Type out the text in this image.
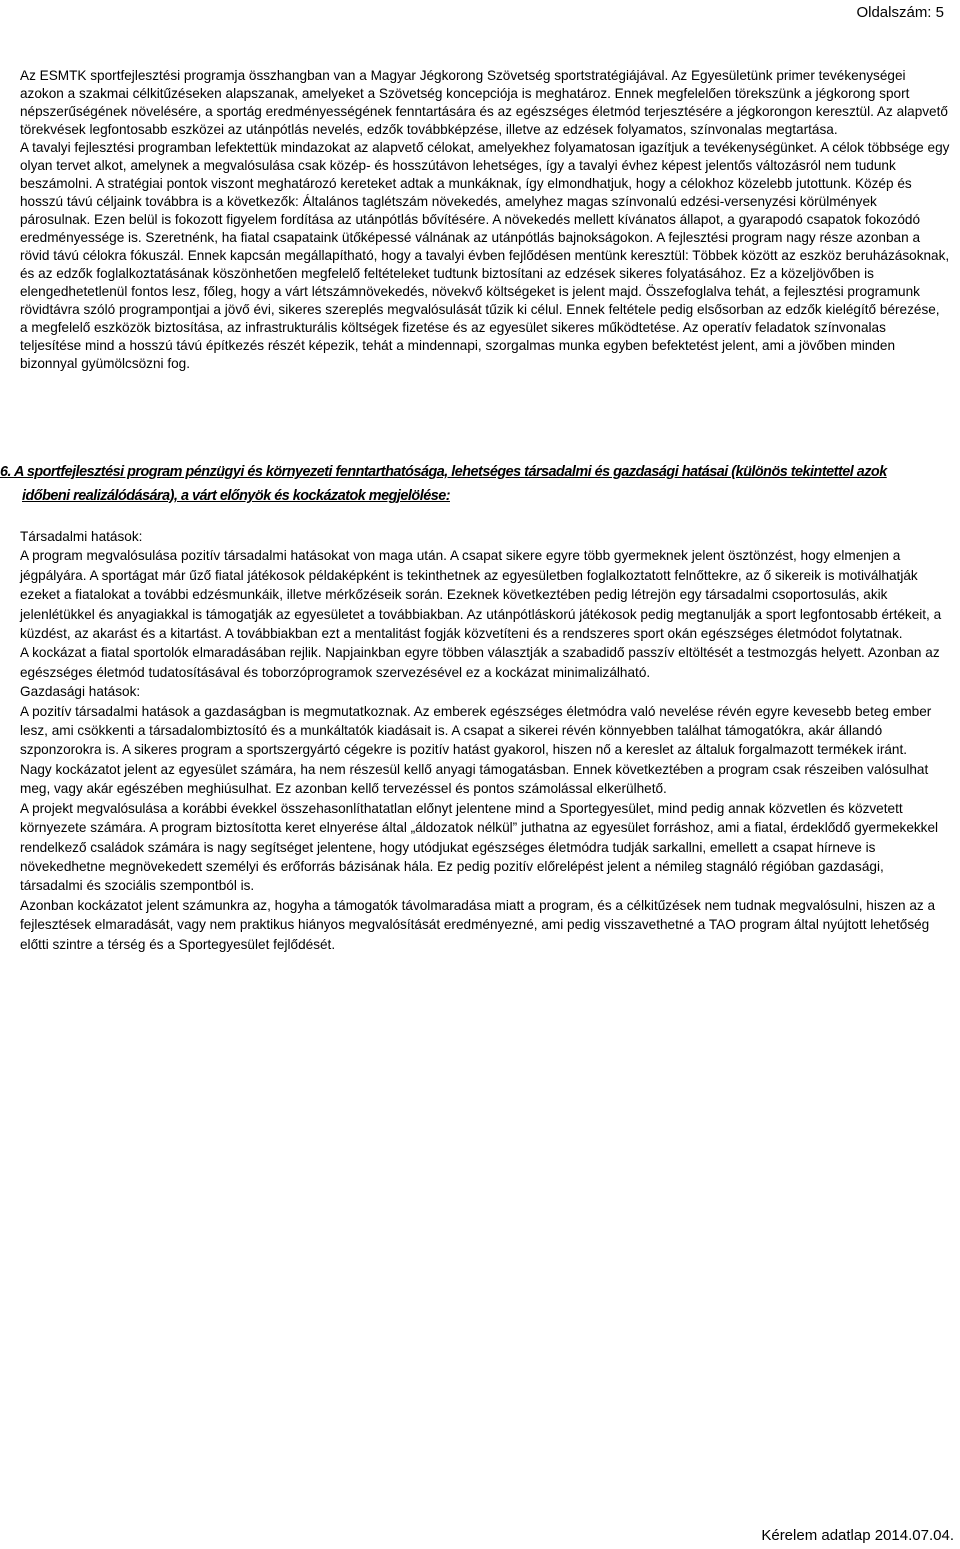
Oldalszám: 5

Az ESMTK sportfejlesztési programja összhangban van a Magyar Jégkorong Szövetség sportstratégiájával. Az Egyesületünk primer tevékenységei azokon a szakmai célkitűzéseken alapszanak, amelyeket a Szövetség koncepciója is meghatároz. Ennek megfelelően törekszünk a jégkorong sport népszerűségének növelésére, a sportág eredményességének fenntartására és az egészséges életmód terjesztésére a jégkorongon keresztül. Az alapvető törekvések legfontosabb eszközei az utánpótlás nevelés, edzők továbbképzése, illetve az edzések folyamatos, színvonalas megtartása.

A tavalyi fejlesztési programban lefektettük mindazokat az alapvető célokat, amelyekhez folyamatosan igazítjuk a tevékenységünket. A célok többsége egy olyan tervet alkot, amelynek a megvalósulása csak közép- és hosszútávon lehetséges, így a tavalyi évhez képest jelentős változásról nem tudunk beszámolni. A stratégiai pontok viszont meghatározó kereteket adtak a munkáknak, így elmondhatjuk, hogy a célokhoz közelebb jutottunk. Közép és hosszú távú céljaink továbbra is a következők: Általános taglétszám növekedés, amelyhez magas színvonalú edzési-versenyzési körülmények párosulnak. Ezen belül is fokozott figyelem fordítása az utánpótlás bővítésére. A növekedés mellett kívánatos állapot, a gyarapodó csapatok fokozódó eredményessége is. Szeretnénk, ha fiatal csapataink ütőképessé válnának az utánpótlás bajnokságokon. A fejlesztési program nagy része azonban a rövid távú célokra fókuszál. Ennek kapcsán megállapítható, hogy a tavalyi évben fejlődésen mentünk keresztül: Többek között az eszköz beruházásoknak, és az edzők foglalkoztatásának köszönhetően megfelelő feltételeket tudtunk biztosítani az edzések sikeres folyatásához. Ez a közeljövőben is elengedhetetlenül fontos lesz, főleg, hogy a várt létszámnövekedés, növekvő költségeket is jelent majd. Összefoglalva tehát, a fejlesztési programunk rövidtávra szóló programpontjai a jövő évi, sikeres szereplés megvalósulását tűzik ki célul. Ennek feltétele pedig elsősorban az edzők kielégítő bérezése, a megfelelő eszközök biztosítása, az infrastrukturális költségek fizetése és az egyesület sikeres működtetése. Az operatív feladatok színvonalas teljesítése mind a hosszú távú építkezés részét képezik, tehát a mindennapi, szorgalmas munka egyben befektetést jelent, ami a jövőben minden bizonnyal gyümölcsözni fog.

6. A sportfejlesztési program pénzügyi és környezeti fenntarthatósága, lehetséges társadalmi és gazdasági hatásai (különös tekintettel azok
időbeni realizálódására), a várt előnyök és kockázatok megjelölése:

Társadalmi hatások:

A program megvalósulása pozitív társadalmi hatásokat von maga után. A csapat sikere egyre több gyermeknek jelent ösztönzést, hogy elmenjen a jégpályára. A sportágat már űző fiatal játékosok példaképként is tekinthetnek az egyesületben foglalkoztatott felnőttekre, az ő sikereik is motiválhatják ezeket a fiatalokat a további edzésmunkáik, illetve mérkőzéseik során. Ezeknek következtében pedig létrejön egy társadalmi csoportosulás, akik jelenlétükkel és anyagiakkal is támogatják az egyesületet a továbbiakban. Az utánpótláskorú játékosok pedig megtanulják a sport legfontosabb értékeit, a küzdést, az akarást és a kitartást. A továbbiakban ezt a mentalitást fogják közvetíteni és a rendszeres sport okán egészséges életmódot folytatnak.

A kockázat a fiatal sportolók elmaradásában rejlik. Napjainkban egyre többen választják a szabadidő passzív eltöltését a testmozgás helyett. Azonban az egészséges életmód tudatosításával és toborzóprogramok szervezésével ez a kockázat minimalizálható.

Gazdasági hatások:

A pozitív társadalmi hatások a gazdaságban is megmutatkoznak. Az emberek egészséges életmódra való nevelése révén egyre kevesebb beteg ember lesz, ami csökkenti a társadalombiztosító és a munkáltatók kiadásait is. A csapat a sikerei révén könnyebben találhat támogatókra, akár állandó szponzorokra is. A sikeres program a sportszergyártó cégekre is pozitív hatást gyakorol, hiszen nő a kereslet az általuk forgalmazott termékek iránt.

Nagy kockázatot jelent az egyesület számára, ha nem részesül kellő anyagi támogatásban. Ennek következtében a program csak részeiben valósulhat meg, vagy akár egészében meghiúsulhat. Ez azonban kellő tervezéssel és pontos számolással elkerülhető.

A projekt megvalósulása a korábbi évekkel összehasonlíthatatlan előnyt jelentene mind a Sportegyesület, mind pedig annak közvetlen és közvetett környezete számára. A program biztosította keret elnyerése által „áldozatok nélkül” juthatna az egyesület forráshoz, ami a fiatal, érdeklődő gyermekekkel rendelkező családok számára is nagy segítséget jelentene, hogy utódjukat egészséges életmódra tudják sarkallni, emellett a csapat hírneve is növekedhetne megnövekedett személyi és erőforrás bázisának hála. Ez pedig pozitív előrelépést jelent a némileg stagnáló régióban gazdasági, társadalmi és szociális szempontból is.

Azonban kockázatot jelent számunkra az, hogyha a támogatók távolmaradása miatt a program, és a célkitűzések nem tudnak megvalósulni, hiszen az a fejlesztések elmaradását, vagy nem praktikus hiányos megvalósítását eredményezné, ami pedig visszavethetné a TAO program által nyújtott lehetőség előtti szintre a térség és a Sportegyesület fejlődését.

Kérelem adatlap 2014.07.04.
